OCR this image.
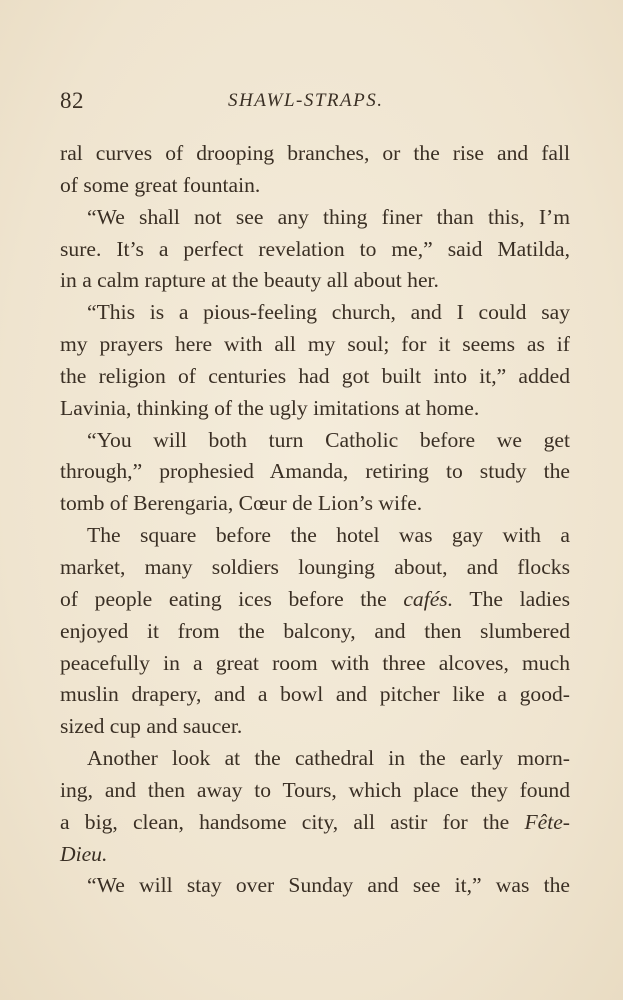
82	SHAWL-STRAPS.
ral curves of drooping branches, or the rise and fall
of some great fountain.
“We shall not see any thing finer than this, I’m
sure. It’s a perfect revelation to me,” said Matilda,
in a calm rapture at the beauty all about her.
“This is a pious-feeling church, and I could say
my prayers here with all my soul; for it seems as if
the religion of centuries had got built into it,” added
Lavinia, thinking of the ugly imitations at home.
“You will both turn Catholic before we get
through,” prophesied Amanda, retiring to study the
tomb of Berengaria, Cœur de Lion’s wife.
The square before the hotel was gay with a
market, many soldiers lounging about, and flocks
of people eating ices before the cafés. The ladies
enjoyed it from the balcony, and then slumbered
peacefully in a great room with three alcoves, much
muslin drapery, and a bowl and pitcher like a good-
sized cup and saucer.
Another look at the cathedral in the early morn-
ing, and then away to Tours, which place they found
a big, clean, handsome city, all astir for the Fête-
Dieu.
“We will stay over Sunday and see it,” was the
